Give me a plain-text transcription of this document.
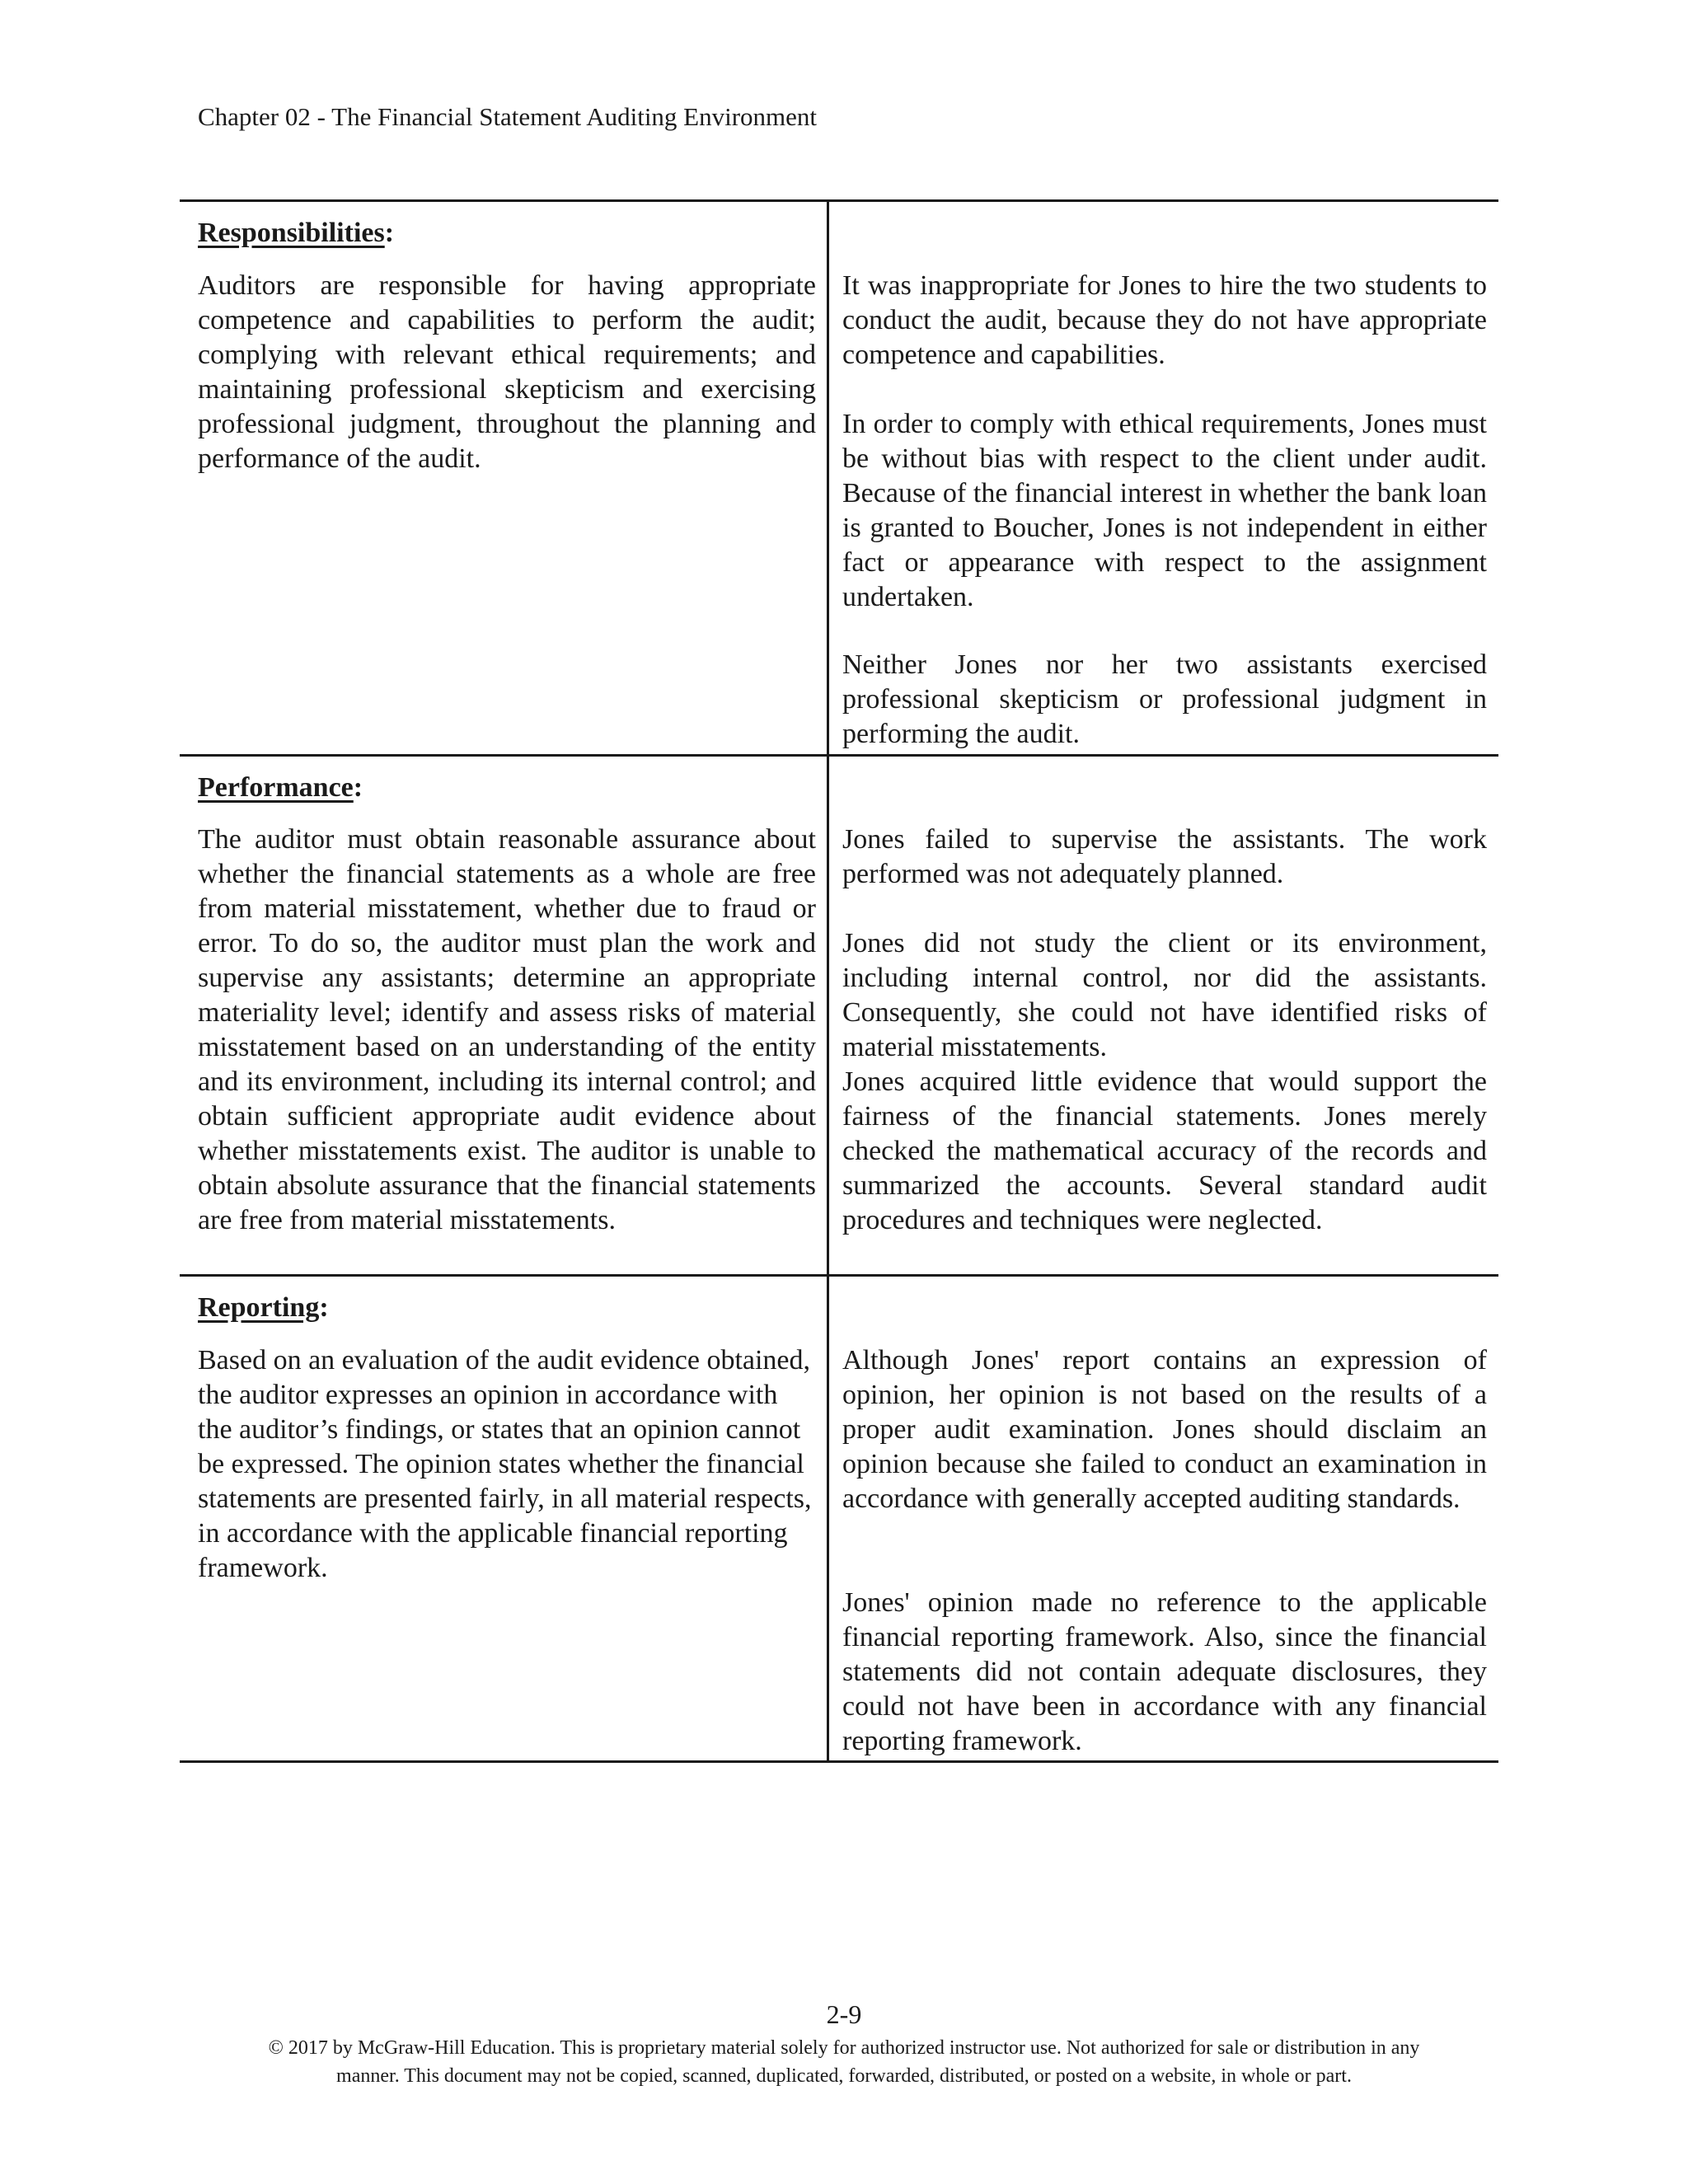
Chapter 02 - The Financial Statement Auditing Environment
Responsibilities:

Auditors are responsible for having appropriate competence and capabilities to perform the audit; complying with relevant ethical requirements; and maintaining professional skepticism and exercising professional judgment, throughout the planning and performance of the audit.

It was inappropriate for Jones to hire the two students to conduct the audit, because they do not have appropriate competence and capabilities.

In order to comply with ethical requirements, Jones must be without bias with respect to the client under audit. Because of the financial interest in whether the bank loan is granted to Boucher, Jones is not independent in either fact or appearance with respect to the assignment undertaken.

Neither Jones nor her two assistants exercised professional skepticism or professional judgment in performing the audit.

Performance:

The auditor must obtain reasonable assurance about whether the financial statements as a whole are free from material misstatement, whether due to fraud or error. To do so, the auditor must plan the work and supervise any assistants; determine an appropriate materiality level; identify and assess risks of material misstatement based on an understanding of the entity and its environment, including its internal control; and obtain sufficient appropriate audit evidence about whether misstatements exist. The auditor is unable to obtain absolute assurance that the financial statements are free from material misstatements.

Jones failed to supervise the assistants. The work performed was not adequately planned.

Jones did not study the client or its environment, including internal control, nor did the assistants. Consequently, she could not have identified risks of material misstatements.

Jones acquired little evidence that would support the fairness of the financial statements. Jones merely checked the mathematical accuracy of the records and summarized the accounts. Several standard audit procedures and techniques were neglected.

Reporting:

Based on an evaluation of the audit evidence obtained, the auditor expresses an opinion in accordance with the auditor’s findings, or states that an opinion cannot be expressed. The opinion states whether the financial statements are presented fairly, in all material respects, in accordance with the applicable financial reporting framework.

Although Jones' report contains an expression of opinion, her opinion is not based on the results of a proper audit examination. Jones should disclaim an opinion because she failed to conduct an examination in accordance with generally accepted auditing standards.

Jones' opinion made no reference to the applicable financial reporting framework. Also, since the financial statements did not contain adequate disclosures, they could not have been in accordance with any financial reporting framework.

2-9
© 2017 by McGraw-Hill Education. This is proprietary material solely for authorized instructor use. Not authorized for sale or distribution in any
manner. This document may not be copied, scanned, duplicated, forwarded, distributed, or posted on a website, in whole or part.
